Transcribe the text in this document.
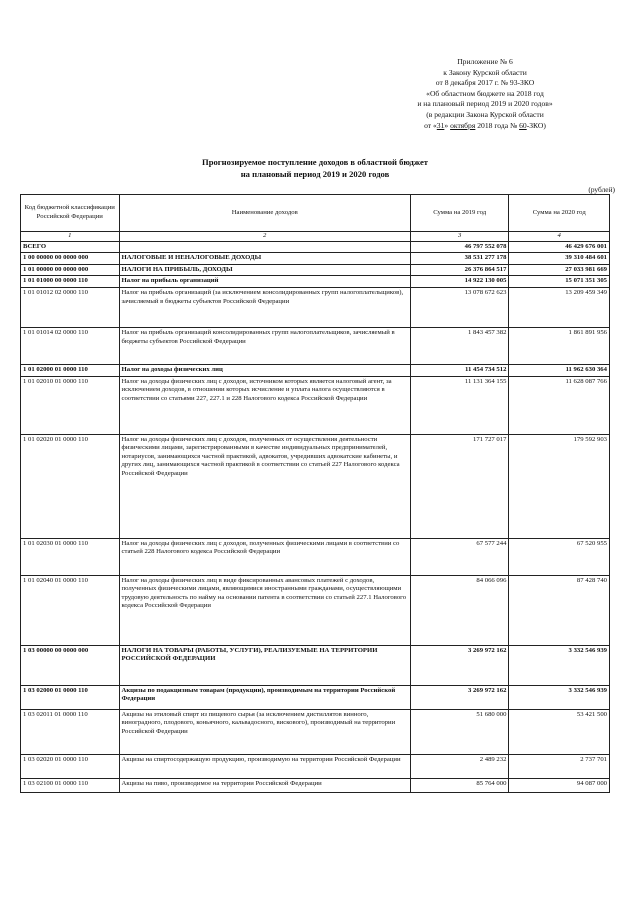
Приложение № 6
к Закону Курской области
от 8 декабря 2017 г. № 93-ЗКО
«Об областном бюджете на 2018 год
и на плановый период 2019 и 2020 годов»
(в редакции Закона Курской области
от «31» октября 2018 года № 60-ЗКО)
Прогнозируемое поступление доходов в областной бюджет
на плановый период 2019 и 2020 годов
(рублей)
Код бюджетной классификации Российской Федерации	Наименование доходов	Сумма на 2019 год	Сумма на 2020 год
1	2	3	4
ВСЕГО		46 797 552 078	46 429 676 001
1 00 00000 00 0000 000	НАЛОГОВЫЕ И НЕНАЛОГОВЫЕ ДОХОДЫ	38 531 277 178	39 310 484 601
1 01 00000 00 0000 000	НАЛОГИ НА ПРИБЫЛЬ, ДОХОДЫ	26 376 864 517	27 033 981 669
1 01 01000 00 0000 110	Налог на прибыль организаций	14 922 130 005	15 071 351 305
1 01 01012 02 0000 110	Налог на прибыль организаций (за исключением консолидированных групп налогоплательщиков), зачисляемый в бюджеты субъектов Российской Федерации	13 078 672 623	13 209 459 349
1 01 01014 02 0000 110	Налог на прибыль организаций консолидированных групп налогоплательщиков, зачисляемый в бюджеты субъектов Российской Федерации	1 843 457 382	1 861 891 956
1 01 02000 01 0000 110	Налог на доходы физических лиц	11 454 734 512	11 962 630 364
1 01 02010 01 0000 110	Налог на доходы физических лиц с доходов, источником которых является налоговый агент, за исключением доходов, в отношении которых исчисление и уплата налога осуществляются в соответствии со статьями 227, 227.1 и 228 Налогового кодекса Российской Федерации	11 131 364 155	11 628 087 766
1 01 02020 01 0000 110	Налог на доходы физических лиц с доходов, полученных от осуществления деятельности физическими лицами, зарегистрированными в качестве индивидуальных предпринимателей, нотариусов, занимающихся частной практикой, адвокатов, учредивших адвокатские кабинеты, и других лиц, занимающихся частной практикой в соответствии со статьей 227 Налогового кодекса Российской Федерации	171 727 017	179 592 903
1 01 02030 01 0000 110	Налог на доходы физических лиц с доходов, полученных физическими лицами в соответствии со статьей 228 Налогового кодекса Российской Федерации	67 577 244	67 520 955
1 01 02040 01 0000 110	Налог на доходы физических лиц в виде фиксированных авансовых платежей с доходов, полученных физическими лицами, являющимися иностранными гражданами, осуществляющими трудовую деятельность по найму на основании патента в соответствии со статьей 227.1 Налогового кодекса Российской Федерации	84 066 096	87 428 740
1 03 00000 00 0000 000	НАЛОГИ НА ТОВАРЫ (РАБОТЫ, УСЛУГИ), РЕАЛИЗУЕМЫЕ НА ТЕРРИТОРИИ РОССИЙСКОЙ ФЕДЕРАЦИИ	3 269 972 162	3 332 546 939
1 03 02000 01 0000 110	Акцизы по подакцизным товарам (продукции), производимым на территории Российской Федерации	3 269 972 162	3 332 546 939
1 03 02011 01 0000 110	Акцизы на этиловый спирт из пищевого сырья (за исключением дистиллятов винного, виноградного, плодового, коньячного, кальвадосного, вискового), производимый на территории Российской Федерации	51 680 000	53 421 500
1 03 02020 01 0000 110	Акцизы на спиртосодержащую продукцию, производимую на территории Российской Федерации	2 489 232	2 737 701
1 03 02100 01 0000 110	Акцизы на пиво, производимое на территории Российской Федерации	85 764 000	94 087 000
